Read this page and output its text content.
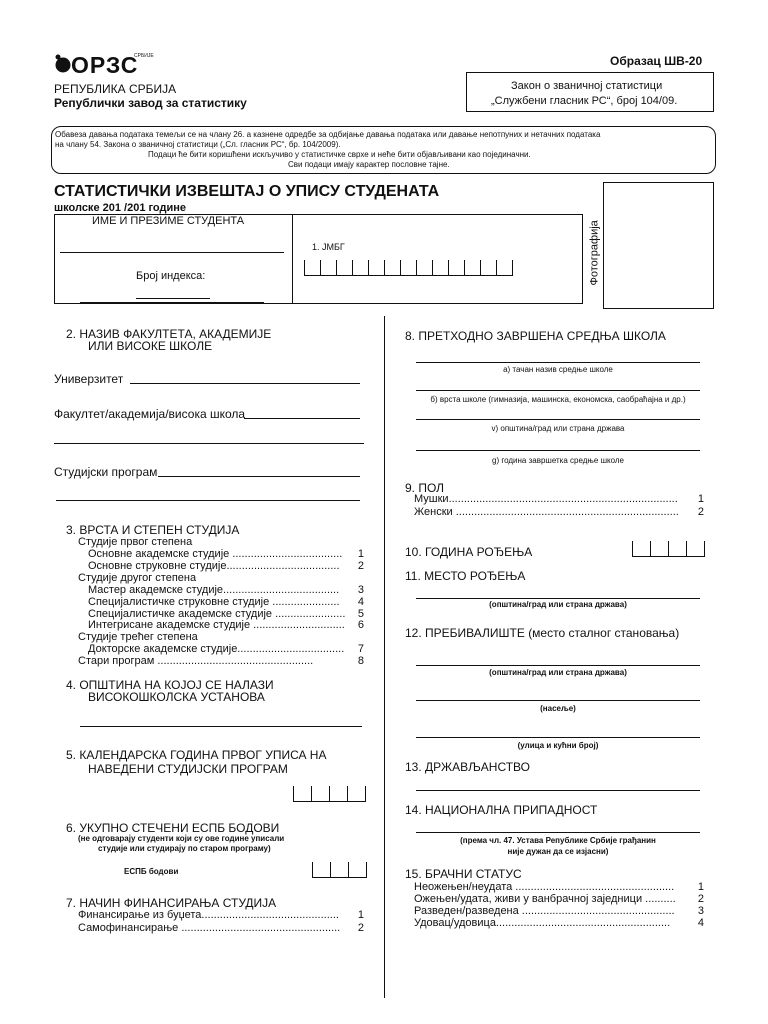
ОРЗС
СРБИЈЕ
РЕПУБЛИКА СРБИЈА
Републички завод за статистику
Образац ШВ-20
Закон о званичној статистици
„Службени гласник РС“, број 104/09.
Обавеза давања података темељи се на члану 26. а казнене одредбе за одбијање давања података или давање непотпуних и нетачних података
на члану 54. Закона о званичној статистици („Сл. гласник РС“, бр. 104/2009).
Подаци ће бити коришћени искључиво у статистичке сврхе и неће бити објављивани као појединачни.
Сви подаци имају карактер пословне тајне.
СТАТИСТИЧКИ ИЗВЕШТАЈ О УПИСУ СТУДЕНАТА
школске 201 /201 године
ИМЕ И ПРЕЗИМЕ СТУДЕНТА
Број индекса:
1. ЈМБГ	Фотографија
2. НАЗИВ ФАКУЛТЕТА, АКАДЕМИЈЕ
ИЛИ ВИСОКЕ ШКОЛЕ
Универзитет
Факултет/академија/висока школа
Студијски програм
3. ВРСТА И СТЕПЕН СТУДИЈА
Студије првог степена
Основне академске студије .................................... 1
Основне струковне студије..................................... 2
Студије другог степена
Мастер академске студије...................................... 3
Специјалистичке струковне студије ...................... 4
Специјалистичке академске студије ....................... 5
Интегрисане академске студије .............................. 6
Студије трећег степена
Докторске академске студије................................... 7
Стари програм ...................................................	8
4. ОПШТИНА НА КОЈОЈ СЕ НАЛАЗИ
ВИСОКОШКОЛСКА УСТАНОВА
5. КАЛЕНДАРСКА ГОДИНА ПРВОГ УПИСА НА
НАВЕДЕНИ СТУДИЈСКИ ПРОГРАМ
6. УКУПНО СТЕЧЕНИ ЕСПБ БОДОВИ
(не одговарају студенти који су ове године уписали
студије или студирају по старом програму)
ЕСПБ бодови
7. НАЧИН ФИНАНСИРАЊА СТУДИЈА
Финансирање из буџета............................................. 1
Самофинансирање .................................................... 2
8. ПРЕТХОДНО ЗАВРШЕНА СРЕДЊА ШКОЛА
а) тачан назив средње школе
б) врста школе (гимназија, машинска, економска, саобраћајна и др.)
v) општина/град или страна држава
g) година завршетка средње школе
9. ПОЛ
Мушки........................................................................... 1
Женски ......................................................................... 2
10. ГОДИНА РОЂЕЊА
11. МЕСТО РОЂЕЊА
(општина/град или страна држава)
12. ПРЕБИВАЛИШТЕ (место сталног становања)
(општина/град или страна држава)
(насеље)
(улица и кућни број)
13. ДРЖАВЉАНСТВО
14. НАЦИОНАЛНА ПРИПАДНОСТ
(према чл. 47. Устава Републике Србије грађанин
није дужан да се изјасни)
15. БРАЧНИ СТАТУС
Неожењен/неудата .................................................... 1
Ожењен/удата, живи у ванбрачној заједници .......... 2
Разведен/разведена .................................................. 3
Удовац/удовица.........................................................	4
